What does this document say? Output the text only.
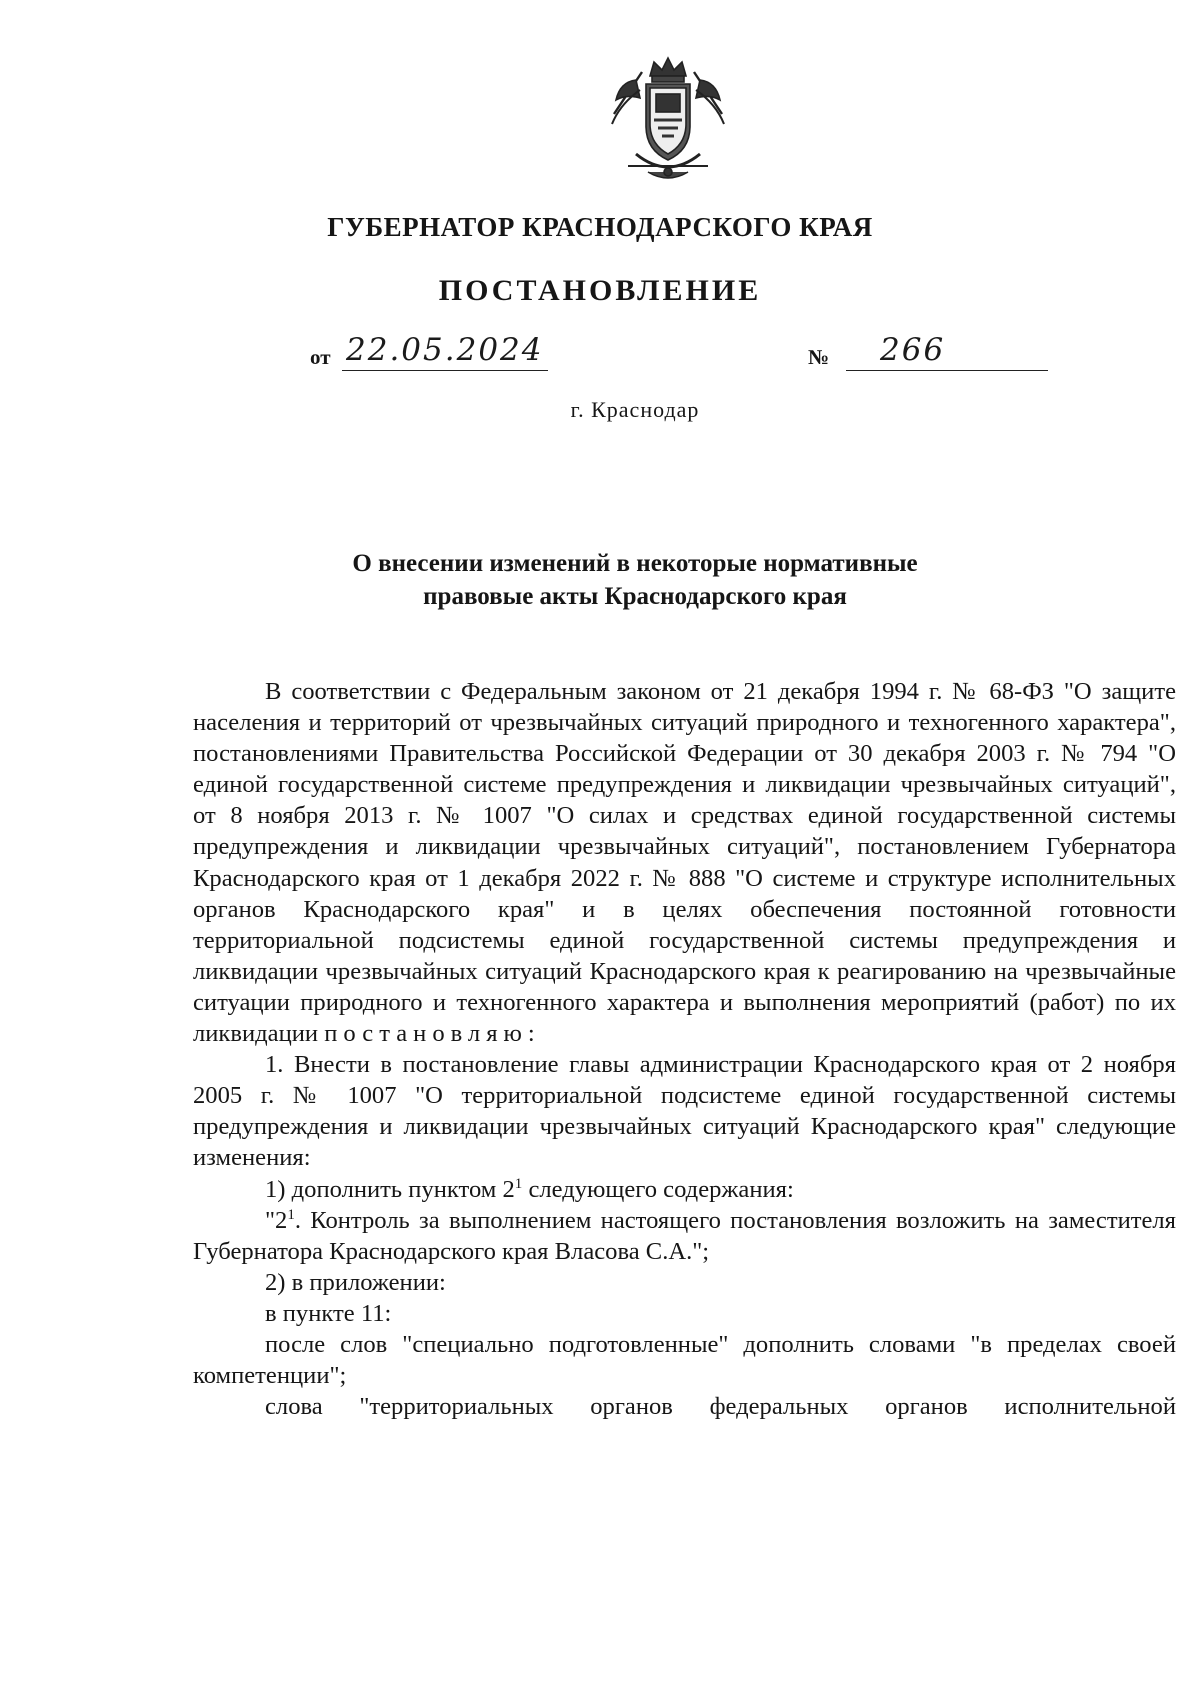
ГУБЕРНАТОР КРАСНОДАРСКОГО КРАЯ
ПОСТАНОВЛЕНИЕ
от 22.05.2024	№ 266
г. Краснодар
О внесении изменений в некоторые нормативные
правовые акты Краснодарского края

В соответствии с Федеральным законом от 21 декабря 1994 г. № 68-ФЗ "О защите населения и территорий от чрезвычайных ситуаций природного и техногенного характера", постановлениями Правительства Российской Федерации от 30 декабря 2003 г. № 794 "О единой государственной системе предупреждения и ликвидации чрезвычайных ситуаций", от 8 ноября 2013 г. № 1007 "О силах и средствах единой государственной системы предупреждения и ликвидации чрезвычайных ситуаций", постановлением Губернатора Краснодарского края от 1 декабря 2022 г. № 888 "О системе и структуре исполнительных органов Краснодарского края" и в целях обеспечения постоянной готовности территориальной подсистемы единой государственной системы предупреждения и ликвидации чрезвычайных ситуаций Краснодарского края к реагированию на чрезвычайные ситуации природного и техногенного характера и выполнения мероприятий (работ) по их ликвидации постановляю:

1. Внести в постановление главы администрации Краснодарского края от 2 ноября 2005 г. № 1007 "О территориальной подсистеме единой государственной системы предупреждения и ликвидации чрезвычайных ситуаций Краснодарского края" следующие изменения:

1) дополнить пунктом $2^1$ следующего содержания:

"$2^1$. Контроль за выполнением настоящего постановления возложить на заместителя Губернатора Краснодарского края Власова С.А.";

2) в приложении:

в пункте 11:

после слов "специально подготовленные" дополнить словами "в пределах своей компетенции";

слова "территориальных органов федеральных органов исполнительной
